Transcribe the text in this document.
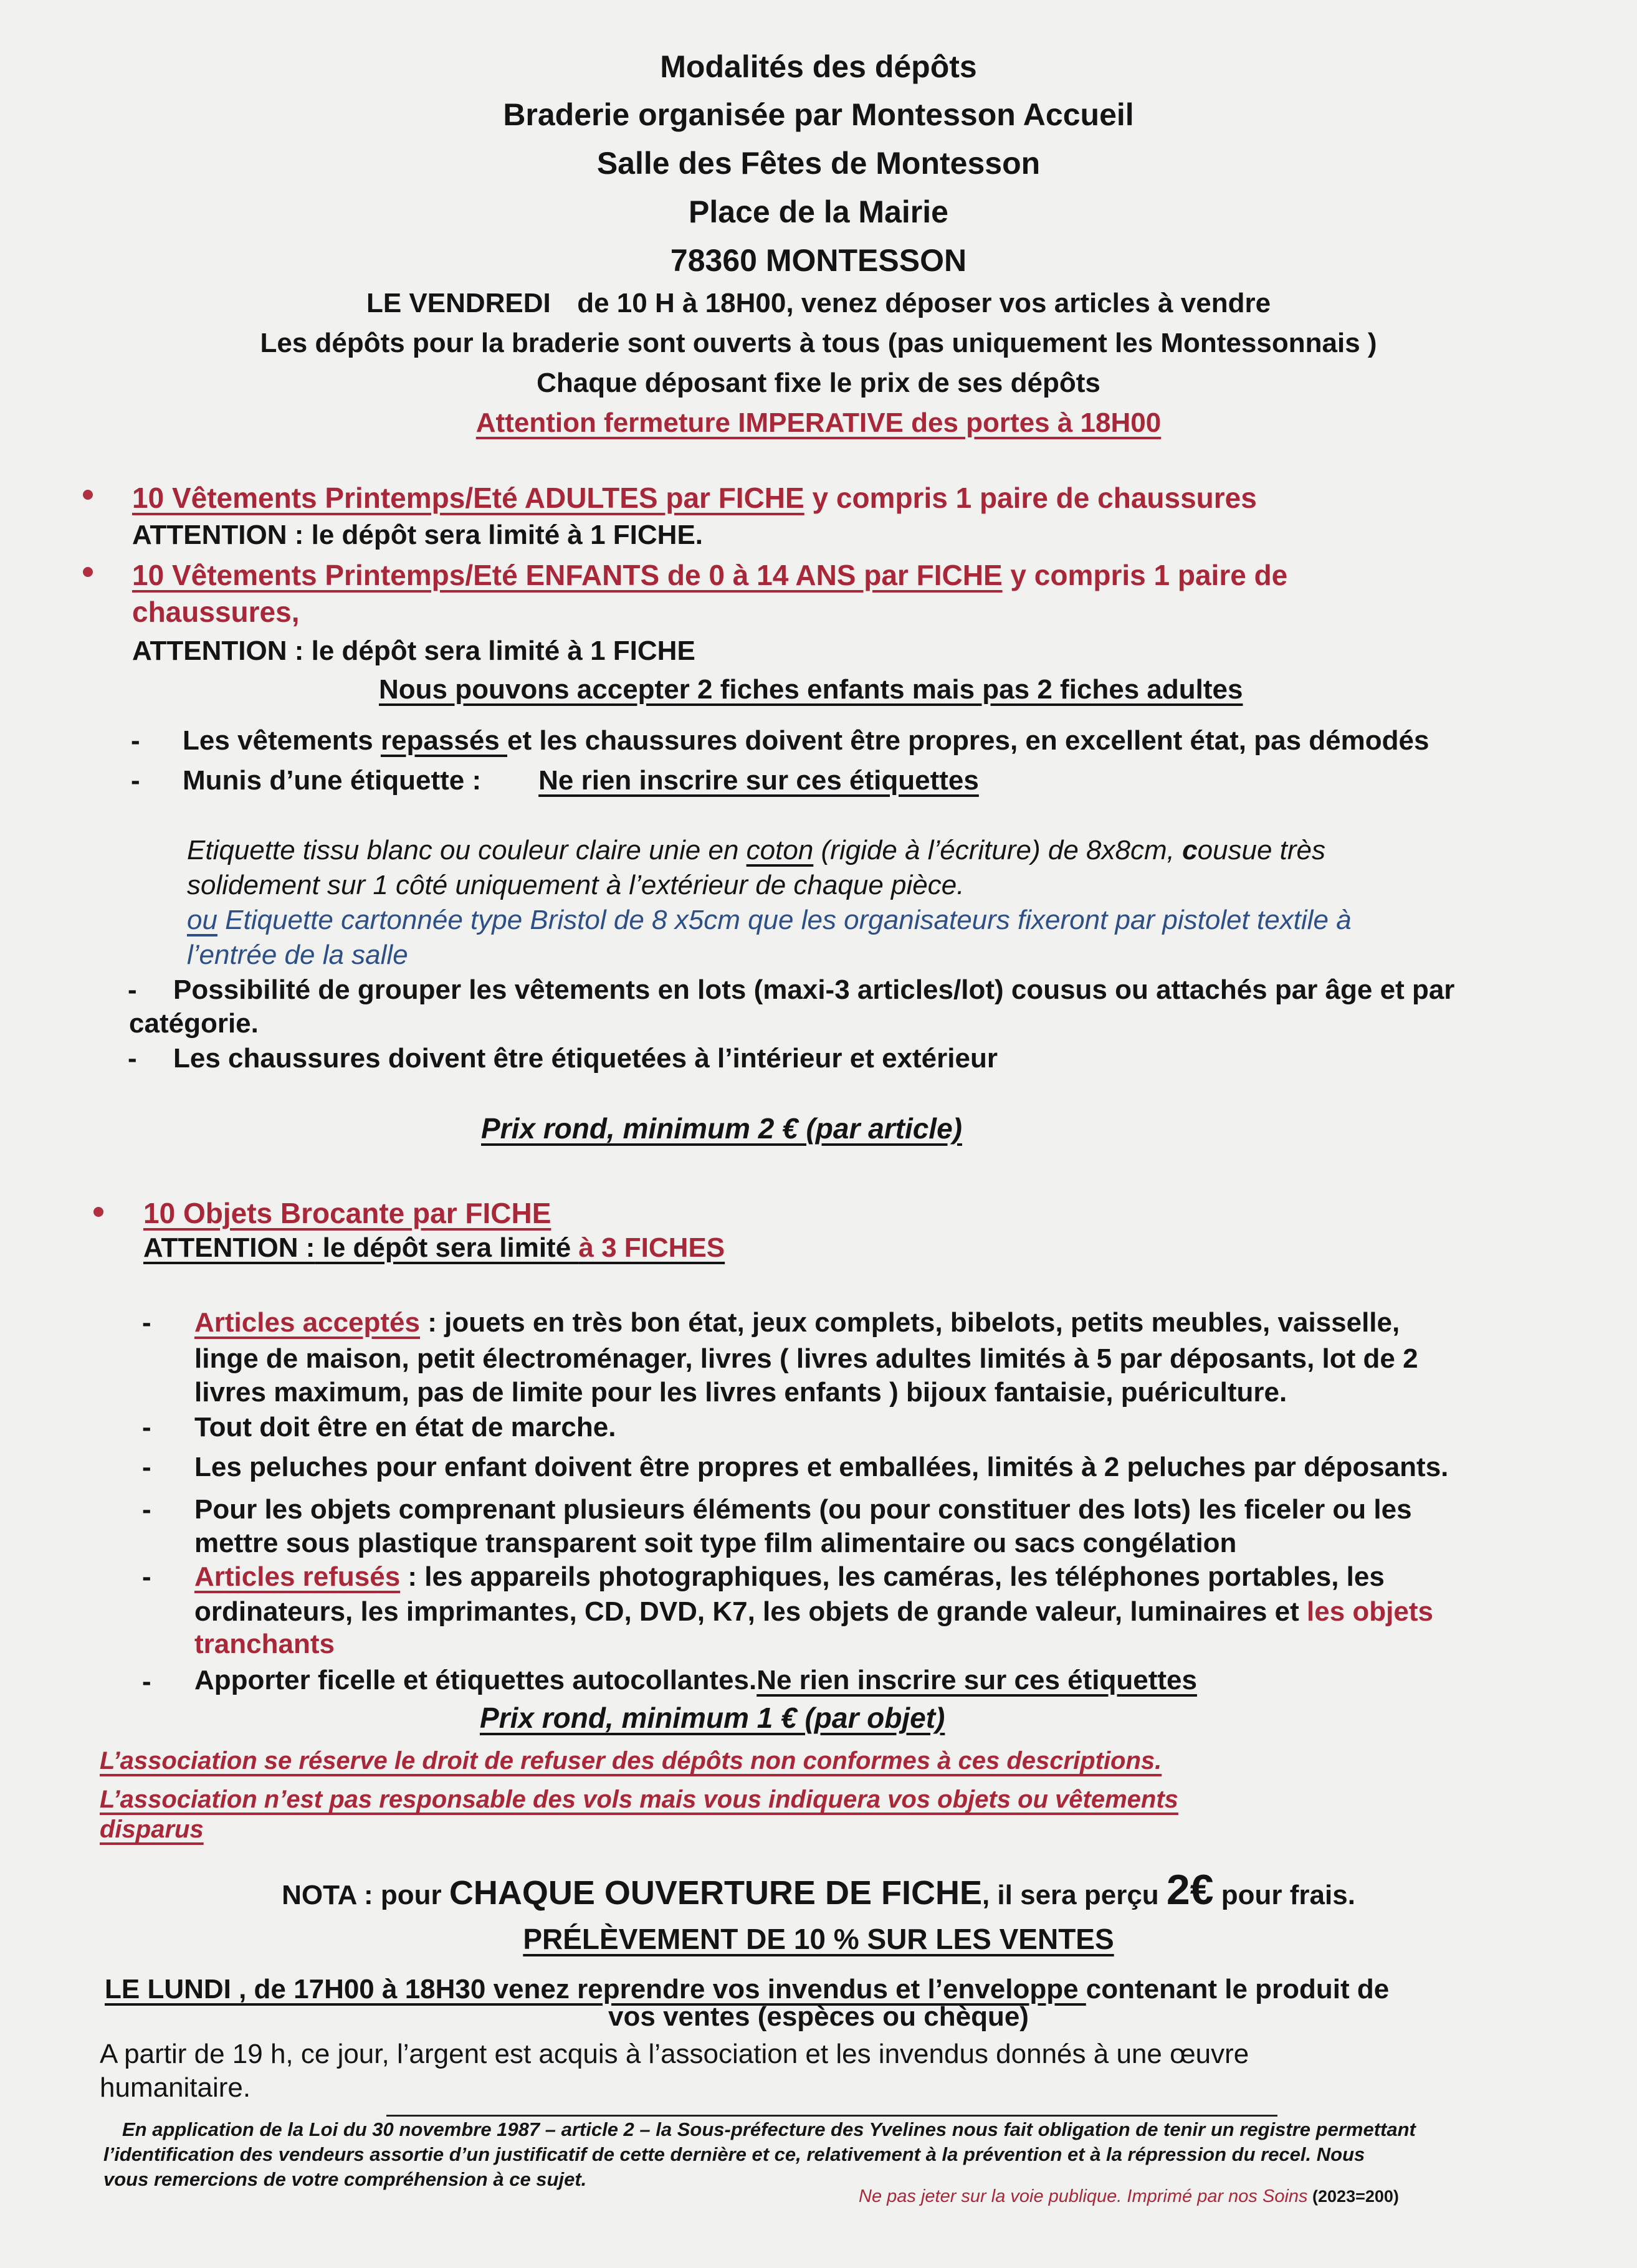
Modalités des dépôts
Braderie organisée par Montesson Accueil
Salle des Fêtes de Montesson
Place de la Mairie
78360 MONTESSON
LE VENDREDI de 10 H à 18H00, venez déposer vos articles à vendre
Les dépôts pour la braderie sont ouverts à tous (pas uniquement les Montessonnais )
Chaque déposant fixe le prix de ses dépôts
Attention fermeture IMPERATIVE des portes à 18H00
10 Vêtements Printemps/Eté ADULTES par FICHE y compris 1 paire de chaussures
ATTENTION : le dépôt sera limité à 1 FICHE.
10 Vêtements Printemps/Eté ENFANTS de 0 à 14 ANS par FICHE y compris 1 paire de
chaussures,
ATTENTION : le dépôt sera limité à 1 FICHE
Nous pouvons accepter 2 fiches enfants mais pas 2 fiches adultes
- Les vêtements repassés et les chaussures doivent être propres, en excellent état, pas démodés
- Munis d’une étiquette : Ne rien inscrire sur ces étiquettes
Etiquette tissu blanc ou couleur claire unie en coton (rigide à l’écriture) de 8x8cm, cousue très
solidement sur 1 côté uniquement à l’extérieur de chaque pièce.
ou Etiquette cartonnée type Bristol de 8 x5cm que les organisateurs fixeront par pistolet textile à
l’entrée de la salle
- Possibilité de grouper les vêtements en lots (maxi-3 articles/lot) cousus ou attachés par âge et par
catégorie.
- Les chaussures doivent être étiquetées à l’intérieur et extérieur
Prix rond, minimum 2 € (par article)
10 Objets Brocante par FICHE
ATTENTION : le dépôt sera limité à 3 FICHES
- Articles acceptés : jouets en très bon état, jeux complets, bibelots, petits meubles, vaisselle,
linge de maison, petit électroménager, livres ( livres adultes limités à 5 par déposants, lot de 2
livres maximum, pas de limite pour les livres enfants ) bijoux fantaisie, puériculture.
- Tout doit être en état de marche.
- Les peluches pour enfant doivent être propres et emballées, limités à 2 peluches par déposants.
- Pour les objets comprenant plusieurs éléments (ou pour constituer des lots) les ficeler ou les
mettre sous plastique transparent soit type film alimentaire ou sacs congélation
- Articles refusés : les appareils photographiques, les caméras, les téléphones portables, les
ordinateurs, les imprimantes, CD, DVD, K7, les objets de grande valeur, luminaires et les objets
tranchants
- Apporter ficelle et étiquettes autocollantes.Ne rien inscrire sur ces étiquettes
Prix rond, minimum 1 € (par objet)
L’association se réserve le droit de refuser des dépôts non conformes à ces descriptions.
L’association n’est pas responsable des vols mais vous indiquera vos objets ou vêtements
disparus
NOTA : pour CHAQUE OUVERTURE DE FICHE, il sera perçu 2€ pour frais.
PRÉLÈVEMENT DE 10 % SUR LES VENTES
LE LUNDI , de 17H00 à 18H30 venez reprendre vos invendus et l’enveloppe contenant le produit de
vos ventes (espèces ou chèque)
A partir de 19 h, ce jour, l’argent est acquis à l’association et les invendus donnés à une œuvre
humanitaire.
En application de la Loi du 30 novembre 1987 – article 2 – la Sous-préfecture des Yvelines nous fait obligation de tenir un registre permettant
l’identification des vendeurs assortie d’un justificatif de cette dernière et ce, relativement à la prévention et à la répression du recel. Nous
vous remercions de votre compréhension à ce sujet.
Ne pas jeter sur la voie publique. Imprimé par nos Soins (2023=200)
